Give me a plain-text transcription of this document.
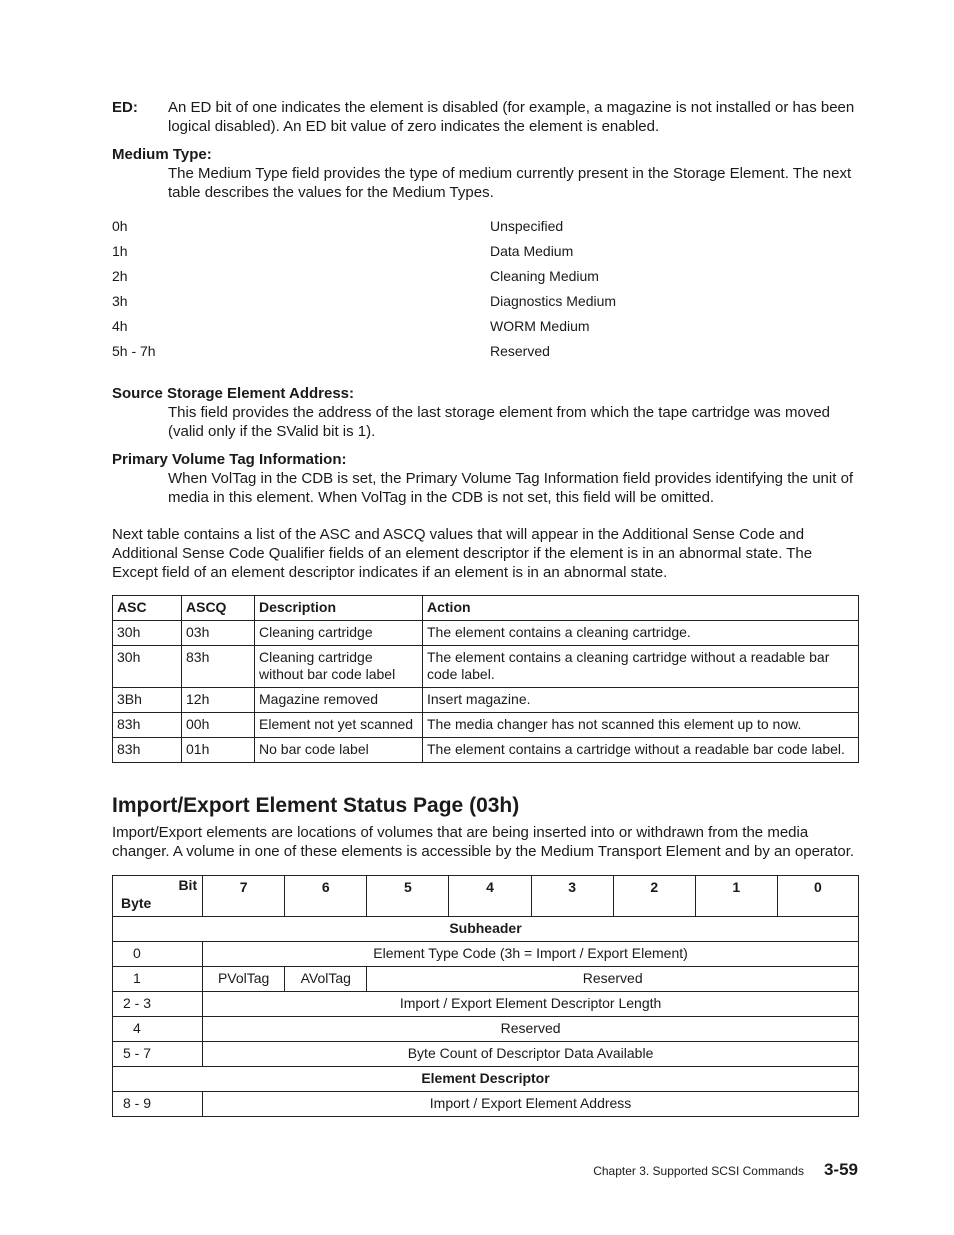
ED:	An ED bit of one indicates the element is disabled (for example, a magazine is not installed or has been logical disabled). An ED bit value of zero indicates the element is enabled.
Medium Type:
The Medium Type field provides the type of medium currently present in the Storage Element. The next table describes the values for the Medium Types.
0h	Unspecified
1h	Data Medium
2h	Cleaning Medium
3h	Diagnostics Medium
4h	WORM Medium
5h - 7h	Reserved
Source Storage Element Address:
This field provides the address of the last storage element from which the tape cartridge was moved (valid only if the SValid bit is 1).
Primary Volume Tag Information:
When VolTag in the CDB is set, the Primary Volume Tag Information field provides identifying the unit of media in this element. When VolTag in the CDB is not set, this field will be omitted.
Next table contains a list of the ASC and ASCQ values that will appear in the Additional Sense Code and Additional Sense Code Qualifier fields of an element descriptor if the element is in an abnormal state. The Except field of an element descriptor indicates if an element is in an abnormal state.
ASC	ASCQ	Description	Action
30h	03h	Cleaning cartridge	The element contains a cleaning cartridge.
30h	83h	Cleaning cartridge without bar code label	The element contains a cleaning cartridge without a readable bar code label.
3Bh	12h	Magazine removed	Insert magazine.
83h	00h	Element not yet scanned	The media changer has not scanned this element up to now.
83h	01h	No bar code label	The element contains a cartridge without a readable bar code label.
Import/Export Element Status Page (03h)
Import/Export elements are locations of volumes that are being inserted into or withdrawn from the media changer. A volume in one of these elements is accessible by the Medium Transport Element and by an operator.
Bit
Byte	7	6	5	4	3	2	1	0
Subheader								
0	Element Type Code (3h = Import / Export Element)							
1	PVolTag	AVolTag	Reserved					
2 - 3	Import / Export Element Descriptor Length							
4	Reserved							
5 - 7	Byte Count of Descriptor Data Available							
Element Descriptor								
8 - 9	Import / Export Element Address							
Chapter 3. Supported SCSI Commands 3-59
